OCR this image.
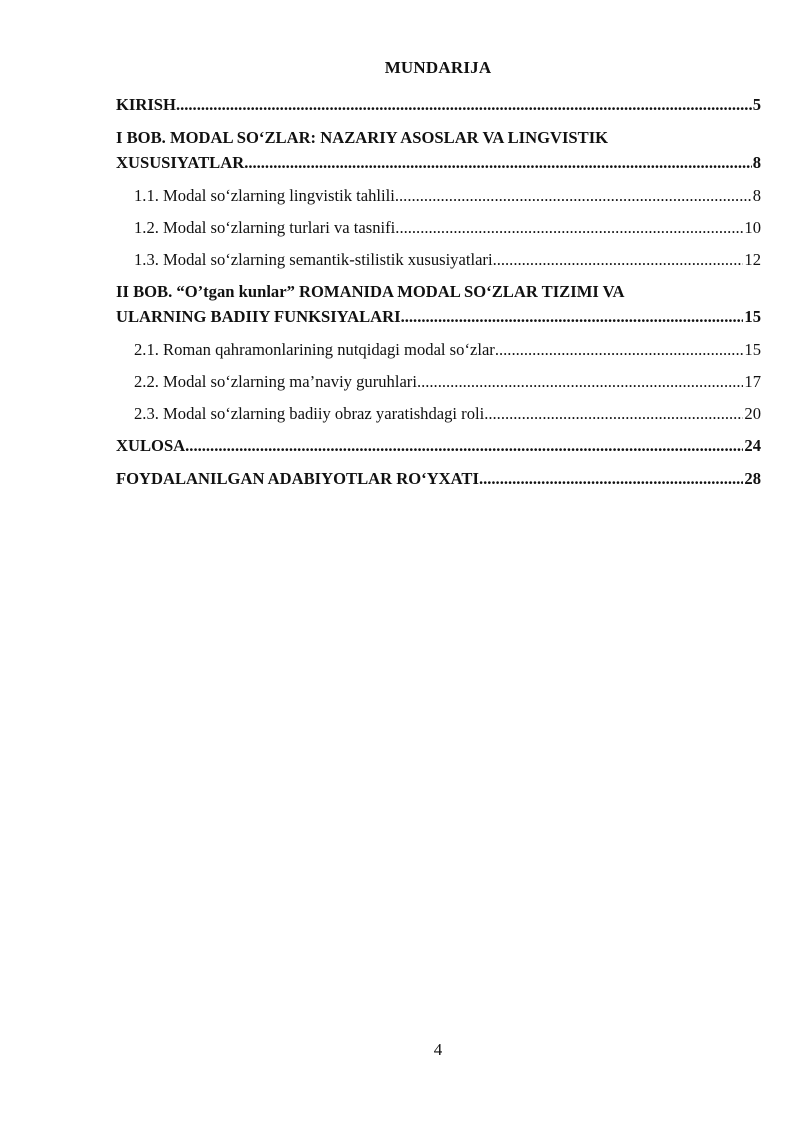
MUNDARIJA
KIRISH .....	5
I BOB. MODAL SO‘ZLAR: NAZARIY ASOSLAR VA LINGVISTIK
XUSUSIYATLAR .....	8
1.1. Modal so‘zlarning lingvistik tahlili .....	8
1.2. Modal so‘zlarning turlari va tasnifi .....	10
1.3. Modal so‘zlarning semantik-stilistik xususiyatlari .....	12
II BOB. “O’tgan kunlar” ROMANIDA MODAL SO‘ZLAR TIZIMI VA
ULARNING BADIIY FUNKSIYALARI .....	15
2.1. Roman qahramonlarining nutqidagi modal so‘zlar .....	15
2.2. Modal so‘zlarning ma’naviy guruhlari .....	17
2.3. Modal so‘zlarning badiiy obraz yaratishdagi roli .....	20
XULOSA .....	24
FOYDALANILGAN ADABIYOTLAR RO‘YXATI .....	28
4
